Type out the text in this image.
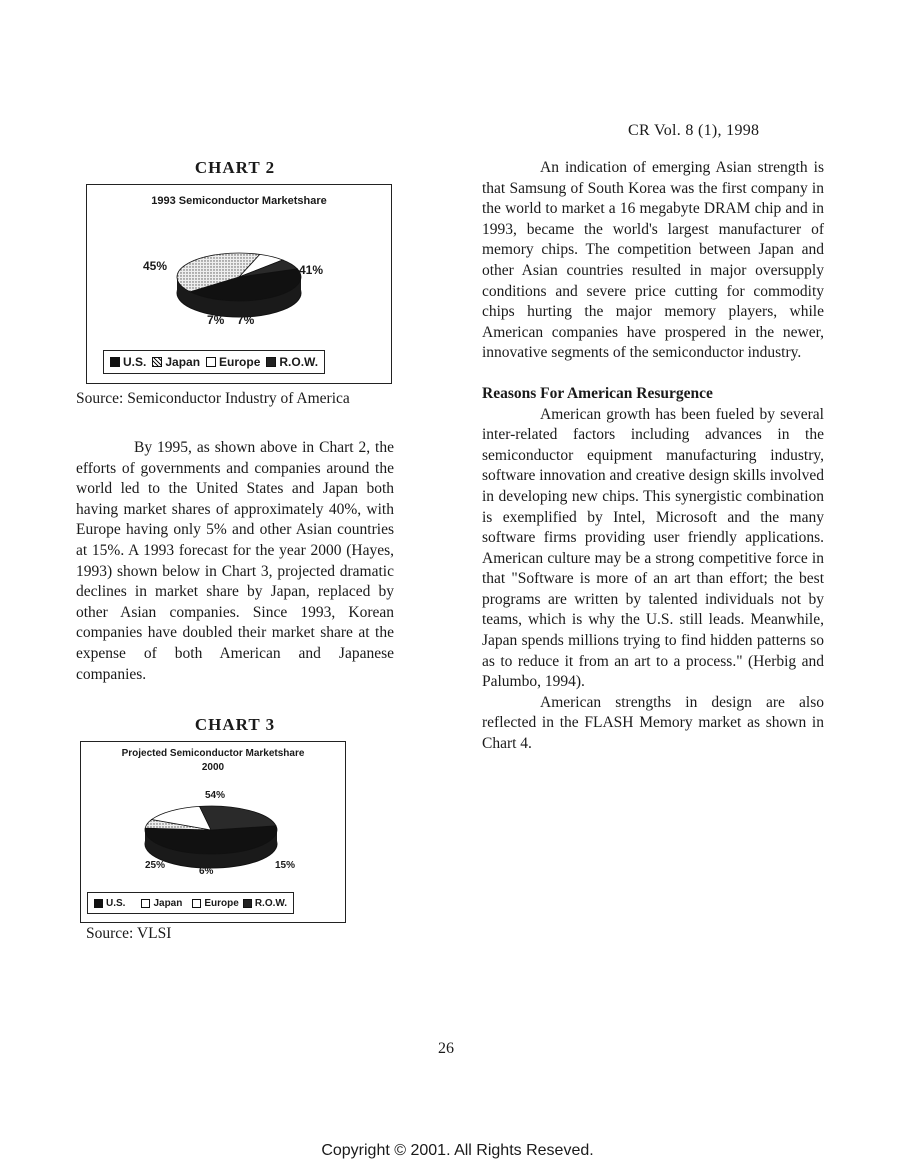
CR Vol. 8 (1), 1998
CHART 2
1993 Semiconductor Marketshare
45%	41%
7% 7%
U.S. Japan Europe R.O.W.
Source: Semiconductor Industry of America

By 1995, as shown above in Chart 2, the efforts of governments and companies around the world led to the United States and Japan both having market shares of approximately 40%, with Europe having only 5% and other Asian countries at 15%. A 1993 forecast for the year 2000 (Hayes, 1993) shown below in Chart 3, projected dramatic declines in market share by Japan, replaced by other Asian companies. Since 1993, Korean companies have doubled their market share at the expense of both American and Japanese companies.

CHART 3
Projected Semiconductor Marketshare
2000
54%
6%
15%
25%
U.S.	Japan Europe R.O.W.
Source: VLSI

An indication of emerging Asian strength is that Samsung of South Korea was the first company in the world to market a 16 megabyte DRAM chip and in 1993, became the world's largest manufacturer of memory chips. The competition between Japan and other Asian countries resulted in major oversupply conditions and severe price cutting for commodity chips hurting the major memory players, while American companies have prospered in the newer, innovative segments of the semiconductor industry.

Reasons For American Resurgence

American growth has been fueled by several inter-related factors including advances in the semiconductor equipment manufacturing industry, software innovation and creative design skills involved in developing new chips. This synergistic combination is exemplified by Intel, Microsoft and the many software firms providing user friendly applications. American culture may be a strong competitive force in that "Software is more of an art than effort; the best programs are written by talented individuals not by teams, which is why the U.S. still leads. Meanwhile, Japan spends millions trying to find hidden patterns so as to reduce it from an art to a process." (Herbig and Palumbo, 1994).

American strengths in design are also reflected in the FLASH Memory market as shown in Chart 4.

26
Copyright © 2001. All Rights Reseved.
